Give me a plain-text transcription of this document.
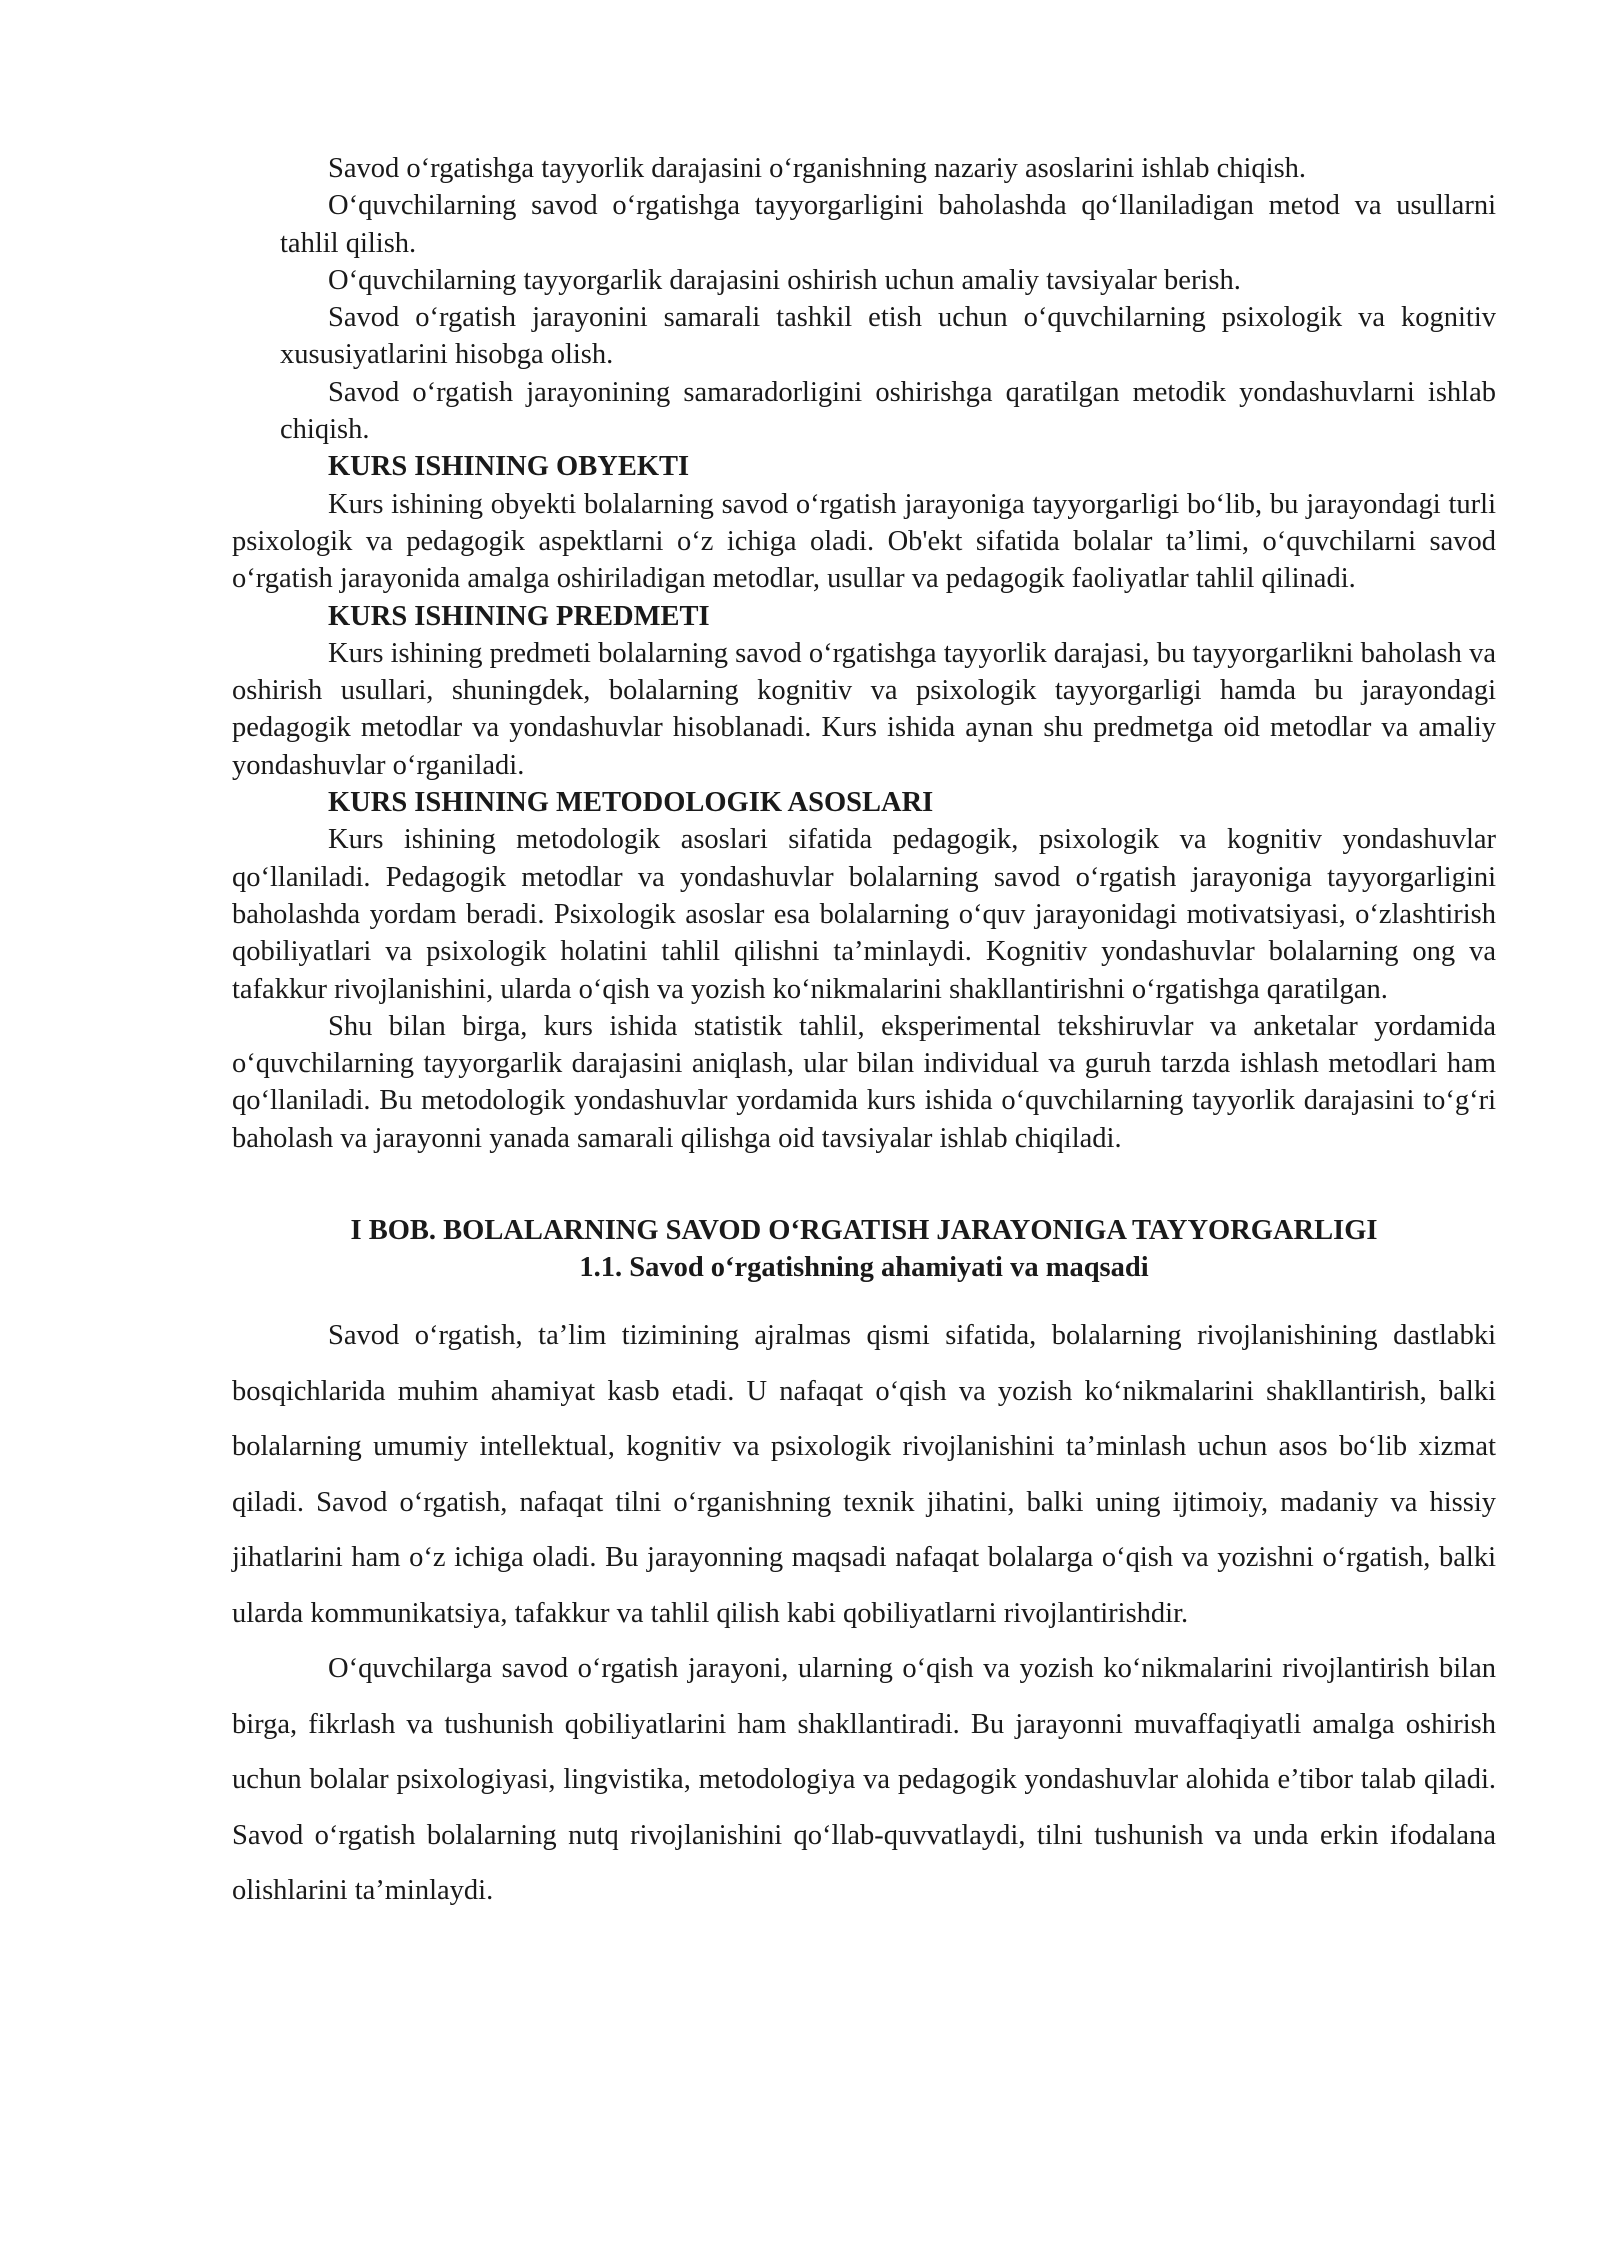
Savod o‘rgatishga tayyorlik darajasini o‘rganishning nazariy asoslarini ishlab chiqish.

O‘quvchilarning savod o‘rgatishga tayyorgarligini baholashda qo‘llaniladigan metod va usullarni tahlil qilish.

O‘quvchilarning tayyorgarlik darajasini oshirish uchun amaliy tavsiyalar berish.

Savod o‘rgatish jarayonini samarali tashkil etish uchun o‘quvchilarning psixologik va kognitiv xususiyatlarini hisobga olish.

Savod o‘rgatish jarayonining samaradorligini oshirishga qaratilgan metodik yondashuvlarni ishlab chiqish.

KURS ISHINING OBYEKTI

Kurs ishining obyekti bolalarning savod o‘rgatish jarayoniga tayyorgarligi bo‘lib, bu jarayondagi turli psixologik va pedagogik aspektlarni o‘z ichiga oladi. Ob'ekt sifatida bolalar ta’limi, o‘quvchilarni savod o‘rgatish jarayonida amalga oshiriladigan metodlar, usullar va pedagogik faoliyatlar tahlil qilinadi.

KURS ISHINING PREDMETI

Kurs ishining predmeti bolalarning savod o‘rgatishga tayyorlik darajasi, bu tayyorgarlikni baholash va oshirish usullari, shuningdek, bolalarning kognitiv va psixologik tayyorgarligi hamda bu jarayondagi pedagogik metodlar va yondashuvlar hisoblanadi. Kurs ishida aynan shu predmetga oid metodlar va amaliy yondashuvlar o‘rganiladi.

KURS ISHINING METODOLOGIK ASOSLARI

Kurs ishining metodologik asoslari sifatida pedagogik, psixologik va kognitiv yondashuvlar qo‘llaniladi. Pedagogik metodlar va yondashuvlar bolalarning savod o‘rgatish jarayoniga tayyorgarligini baholashda yordam beradi. Psixologik asoslar esa bolalarning o‘quv jarayonidagi motivatsiyasi, o‘zlashtirish qobiliyatlari va psixologik holatini tahlil qilishni ta’minlaydi. Kognitiv yondashuvlar bolalarning ong va tafakkur rivojlanishini, ularda o‘qish va yozish ko‘nikmalarini shakllantirishni o‘rgatishga qaratilgan.

Shu bilan birga, kurs ishida statistik tahlil, eksperimental tekshiruvlar va anketalar yordamida o‘quvchilarning tayyorgarlik darajasini aniqlash, ular bilan individual va guruh tarzda ishlash metodlari ham qo‘llaniladi. Bu metodologik yondashuvlar yordamida kurs ishida o‘quvchilarning tayyorlik darajasini to‘g‘ri baholash va jarayonni yanada samarali qilishga oid tavsiyalar ishlab chiqiladi.

I BOB. BOLALARNING SAVOD O‘RGATISH JARAYONIGA TAYYORGARLIGI
1.1. Savod o‘rgatishning ahamiyati va maqsadi

Savod o‘rgatish, ta’lim tizimining ajralmas qismi sifatida, bolalarning rivojlanishining dastlabki bosqichlarida muhim ahamiyat kasb etadi. U nafaqat o‘qish va yozish ko‘nikmalarini shakllantirish, balki bolalarning umumiy intellektual, kognitiv va psixologik rivojlanishini ta’minlash uchun asos bo‘lib xizmat qiladi. Savod o‘rgatish, nafaqat tilni o‘rganishning texnik jihatini, balki uning ijtimoiy, madaniy va hissiy jihatlarini ham o‘z ichiga oladi. Bu jarayonning maqsadi nafaqat bolalarga o‘qish va yozishni o‘rgatish, balki ularda kommunikatsiya, tafakkur va tahlil qilish kabi qobiliyatlarni rivojlantirishdir.

O‘quvchilarga savod o‘rgatish jarayoni, ularning o‘qish va yozish ko‘nikmalarini rivojlantirish bilan birga, fikrlash va tushunish qobiliyatlarini ham shakllantiradi. Bu jarayonni muvaffaqiyatli amalga oshirish uchun bolalar psixologiyasi, lingvistika, metodologiya va pedagogik yondashuvlar alohida e’tibor talab qiladi. Savod o‘rgatish bolalarning nutq rivojlanishini qo‘llab-quvvatlaydi, tilni tushunish va unda erkin ifodalana olishlarini ta’minlaydi.
